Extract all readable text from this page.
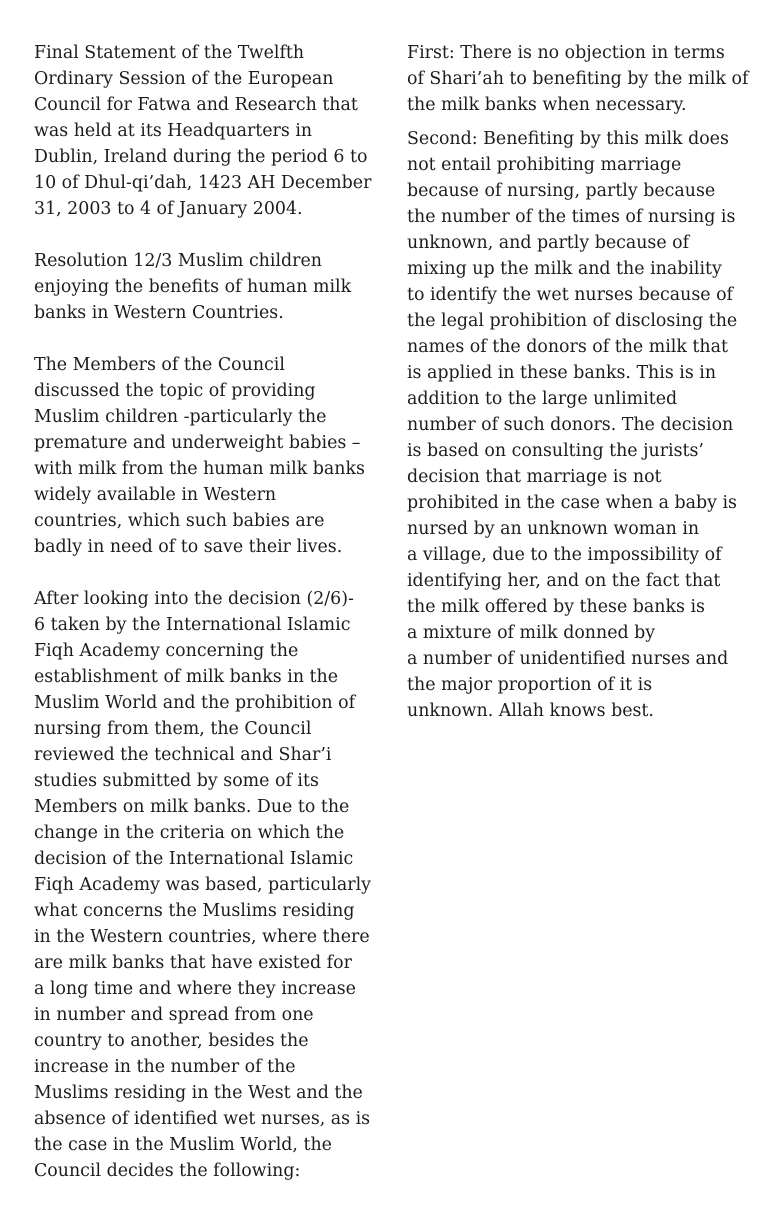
Final Statement of the Twelfth
Ordinary Session of the European
Council for Fatwa and Research that
was held at its Headquarters in
Dublin, Ireland during the period 6 to
10 of Dhul-qi’dah, 1423 AH December
31, 2003 to 4 of January 2004.
Resolution 12/3 Muslim children
enjoying the benefits of human milk
banks in Western Countries.
The Members of the Council
discussed the topic of providing
Muslim children -particularly the
premature and underweight babies –
with milk from the human milk banks
widely available in Western
countries, which such babies are
badly in need of to save their lives.
After looking into the decision (2/6)-
6 taken by the International Islamic
Fiqh Academy concerning the
establishment of milk banks in the
Muslim World and the prohibition of
nursing from them, the Council
reviewed the technical and Shar’i
studies submitted by some of its
Members on milk banks. Due to the
change in the criteria on which the
decision of the International Islamic
Fiqh Academy was based, particularly
what concerns the Muslims residing
in the Western countries, where there
are milk banks that have existed for
a long time and where they increase
in number and spread from one
country to another, besides the
increase in the number of the
Muslims residing in the West and the
absence of identified wet nurses, as is
the case in the Muslim World, the
Council decides the following:
First: There is no objection in terms
of Shari’ah to benefiting by the milk of
the milk banks when necessary.
Second: Benefiting by this milk does
not entail prohibiting marriage
because of nursing, partly because
the number of the times of nursing is
unknown, and partly because of
mixing up the milk and the inability
to identify the wet nurses because of
the legal prohibition of disclosing the
names of the donors of the milk that
is applied in these banks. This is in
addition to the large unlimited
number of such donors. The decision
is based on consulting the jurists’
decision that marriage is not
prohibited in the case when a baby is
nursed by an unknown woman in
a village, due to the impossibility of
identifying her, and on the fact that
the milk offered by these banks is
a mixture of milk donned by
a number of unidentified nurses and
the major proportion of it is
unknown. Allah knows best.
